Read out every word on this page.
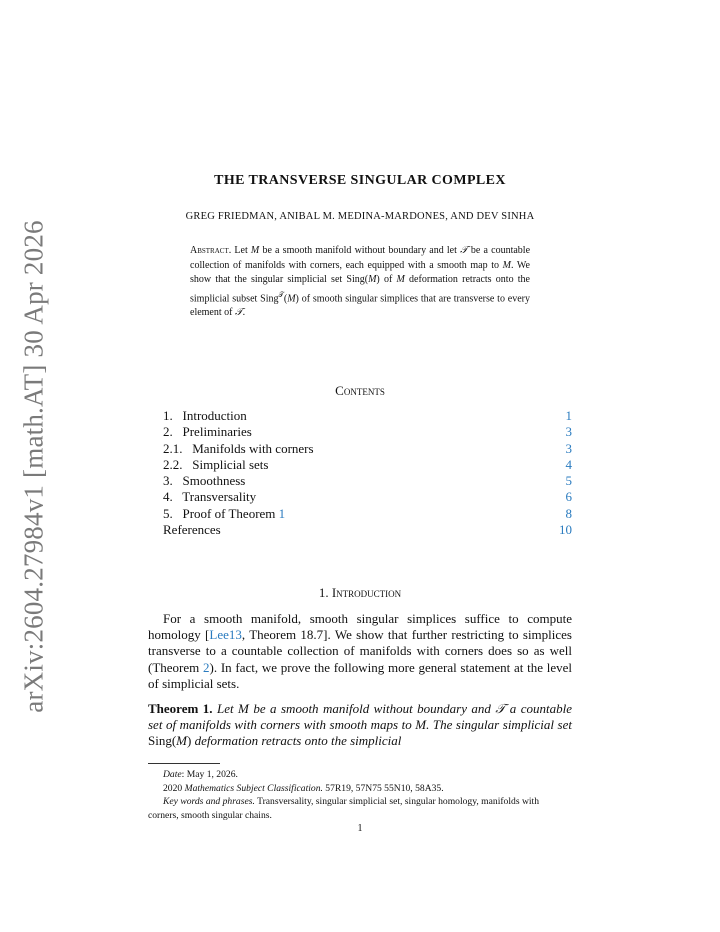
arXiv:2604.27984v1 [math.AT] 30 Apr 2026
THE TRANSVERSE SINGULAR COMPLEX
GREG FRIEDMAN, ANIBAL M. MEDINA-MARDONES, AND DEV SINHA
Abstract. Let M be a smooth manifold without boundary and let 𝒯 be a countable collection of manifolds with corners, each equipped with a smooth map to M. We show that the singular simplicial set Sing(M) of M deformation retracts onto the simplicial subset Sing$^𝒯$(M) of smooth singular simplices that are transverse to every element of 𝒯.
Contents
1.   Introduction	1
2.   Preliminaries	3
2.1.   Manifolds with corners	3
2.2.   Simplicial sets	4
3.   Smoothness	5
4.   Transversality	6
5.   Proof of Theorem 1	8
References	10
1. Introduction
For a smooth manifold, smooth singular simplices suffice to compute homology [Lee13, Theorem 18.7]. We show that further restricting to simplices transverse to a countable collection of manifolds with corners does so as well (Theorem 2). In fact, we prove the following more general statement at the level of simplicial sets.
Theorem 1. Let M be a smooth manifold without boundary and 𝒯 a countable set of manifolds with corners with smooth maps to M. The singular simplicial set Sing(M) deformation retracts onto the simplicial
Date: May 1, 2026.
2020 Mathematics Subject Classification. 57R19, 57N75 55N10, 58A35.
Key words and phrases. Transversality, singular simplicial set, singular homology, manifolds with corners, smooth singular chains.
1
